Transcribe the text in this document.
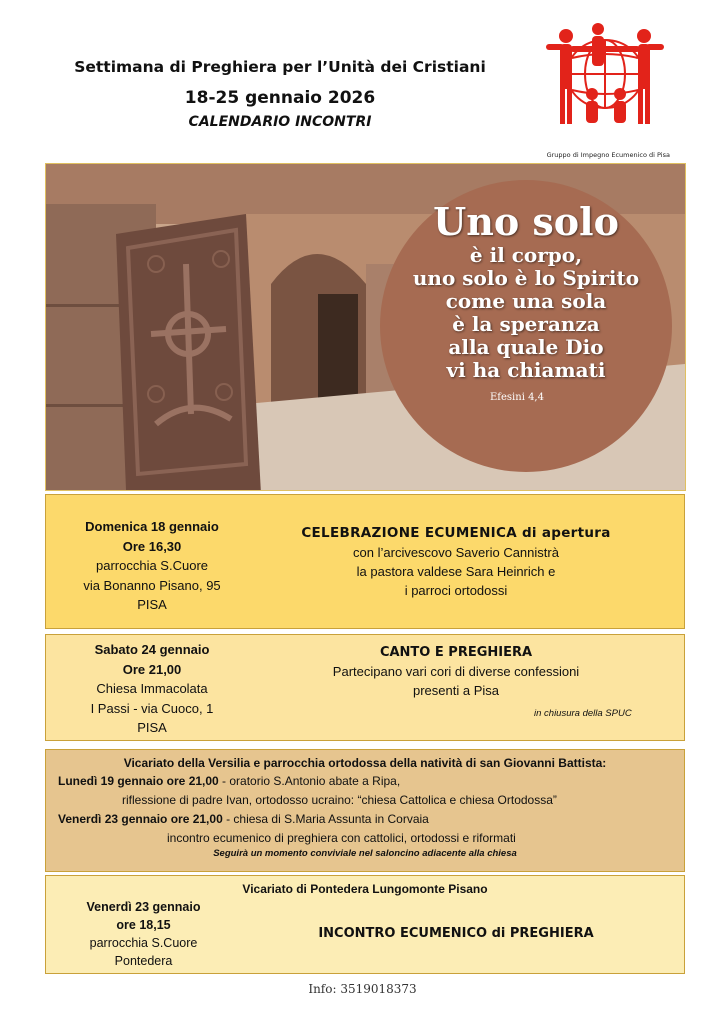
Settimana di Preghiera per l’Unità dei Cristiani
18-25 gennaio 2026
CALENDARIO INCONTRI
Gruppo di Impegno Ecumenico di Pisa
Uno solo
è il corpo,
uno solo è lo Spirito
come una sola
è la speranza
alla quale Dio
vi ha chiamati
Efesini 4,4
Domenica 18 gennaio
Ore 16,30
parrocchia S.Cuore
via Bonanno Pisano, 95
PISA
CELEBRAZIONE ECUMENICA di apertura
con l’arcivescovo Saverio Cannistrà
la pastora valdese Sara Heinrich e
i parroci ortodossi
Sabato 24 gennaio
Ore 21,00
Chiesa Immacolata
I Passi - via Cuoco, 1
PISA
CANTO E PREGHIERA
Partecipano vari cori di diverse confessioni
presenti a Pisa
in chiusura della SPUC
Vicariato della Versilia e parrocchia ortodossa della natività di san Giovanni Battista:
Lunedì 19 gennaio ore 21,00 - oratorio S.Antonio abate a Ripa,
riflessione di padre Ivan, ortodosso ucraino: “chiesa Cattolica e chiesa Ortodossa”
Venerdì 23 gennaio ore 21,00 - chiesa di S.Maria Assunta in Corvaia
incontro ecumenico di preghiera con cattolici, ortodossi e riformati
Seguirà un momento conviviale nel saloncino adiacente alla chiesa
Vicariato di Pontedera Lungomonte Pisano
Venerdì 23 gennaio
ore 18,15
parrocchia S.Cuore
Pontedera
INCONTRO ECUMENICO di PREGHIERA
Info: 3519018373
